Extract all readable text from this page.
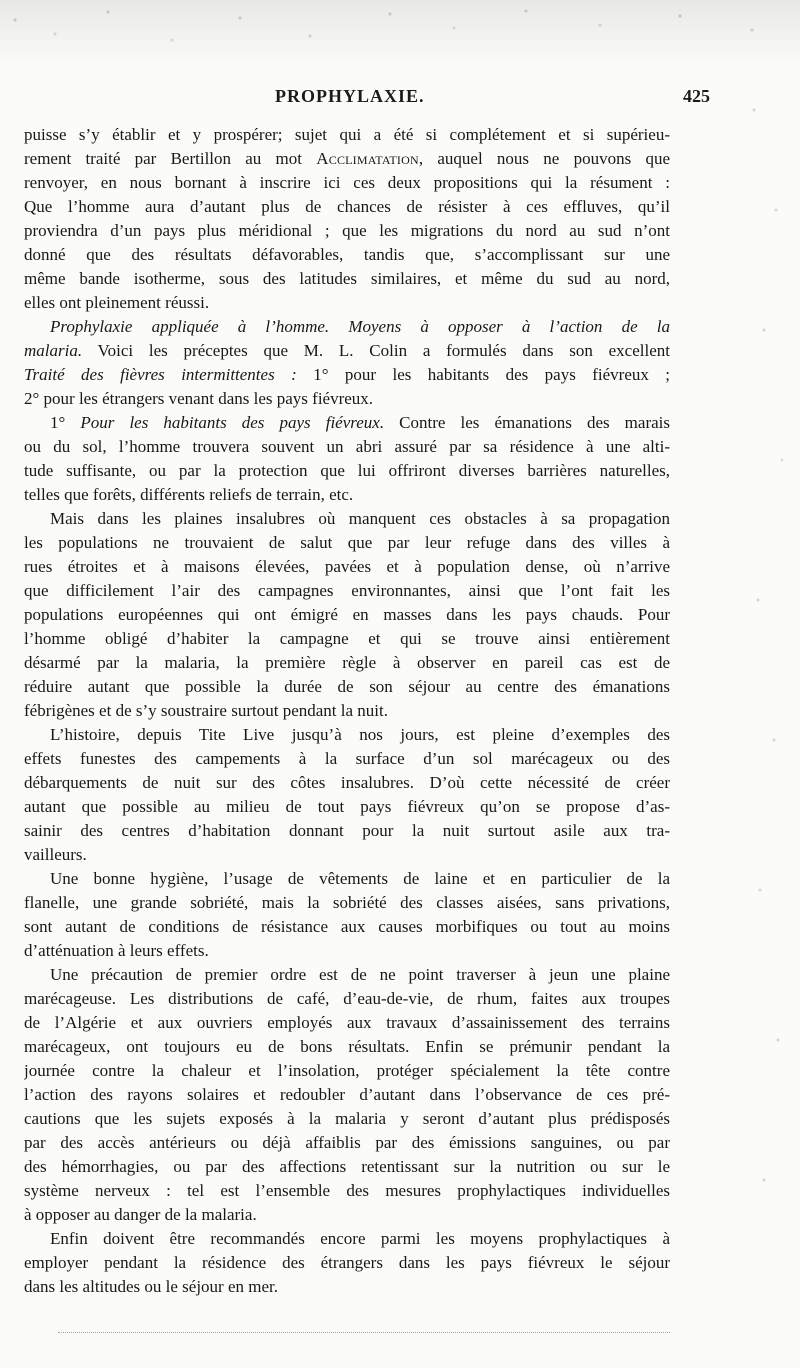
PROPHYLAXIE.	425
puisse s’y établir et y prospérer; sujet qui a été si complétement et si supérieu-
rement traité par Bertillon au mot Acclimatation, auquel nous ne pouvons que
renvoyer, en nous bornant à inscrire ici ces deux propositions qui la résument :
Que l’homme aura d’autant plus de chances de résister à ces effluves, qu’il
proviendra d’un pays plus méridional ; que les migrations du nord au sud n’ont
donné que des résultats défavorables, tandis que, s’accomplissant sur une
même bande isotherme, sous des latitudes similaires, et même du sud au nord,
elles ont pleinement réussi.
Prophylaxie appliquée à l’homme. Moyens à opposer à l’action de la
malaria. Voici les préceptes que M. L. Colin a formulés dans son excellent
Traité des fièvres intermittentes : 1° pour les habitants des pays fiévreux ;
2° pour les étrangers venant dans les pays fiévreux.
1° Pour les habitants des pays fiévreux. Contre les émanations des marais
ou du sol, l’homme trouvera souvent un abri assuré par sa résidence à une alti-
tude suffisante, ou par la protection que lui offriront diverses barrières naturelles,
telles que forêts, différents reliefs de terrain, etc.
Mais dans les plaines insalubres où manquent ces obstacles à sa propagation
les populations ne trouvaient de salut que par leur refuge dans des villes à
rues étroites et à maisons élevées, pavées et à population dense, où n’arrive
que difficilement l’air des campagnes environnantes, ainsi que l’ont fait les
populations européennes qui ont émigré en masses dans les pays chauds. Pour
l’homme obligé d’habiter la campagne et qui se trouve ainsi entièrement
désarmé par la malaria, la première règle à observer en pareil cas est de
réduire autant que possible la durée de son séjour au centre des émanations
fébrigènes et de s’y soustraire surtout pendant la nuit.
L’histoire, depuis Tite Live jusqu’à nos jours, est pleine d’exemples des
effets funestes des campements à la surface d’un sol marécageux ou des
débarquements de nuit sur des côtes insalubres. D’où cette nécessité de créer
autant que possible au milieu de tout pays fiévreux qu’on se propose d’as-
sainir des centres d’habitation donnant pour la nuit surtout asile aux tra-
vailleurs.
Une bonne hygiène, l’usage de vêtements de laine et en particulier de la
flanelle, une grande sobriété, mais la sobriété des classes aisées, sans privations,
sont autant de conditions de résistance aux causes morbifiques ou tout au moins
d’atténuation à leurs effets.
Une précaution de premier ordre est de ne point traverser à jeun une plaine
marécageuse. Les distributions de café, d’eau-de-vie, de rhum, faites aux troupes
de l’Algérie et aux ouvriers employés aux travaux d’assainissement des terrains
marécageux, ont toujours eu de bons résultats. Enfin se prémunir pendant la
journée contre la chaleur et l’insolation, protéger spécialement la tête contre
l’action des rayons solaires et redoubler d’autant dans l’observance de ces pré-
cautions que les sujets exposés à la malaria y seront d’autant plus prédisposés
par des accès antérieurs ou déjà affaiblis par des émissions sanguines, ou par
des hémorrhagies, ou par des affections retentissant sur la nutrition ou sur le
système nerveux : tel est l’ensemble des mesures prophylactiques individuelles
à opposer au danger de la malaria.
Enfin doivent être recommandés encore parmi les moyens prophylactiques à
employer pendant la résidence des étrangers dans les pays fiévreux le séjour
dans les altitudes ou le séjour en mer.
